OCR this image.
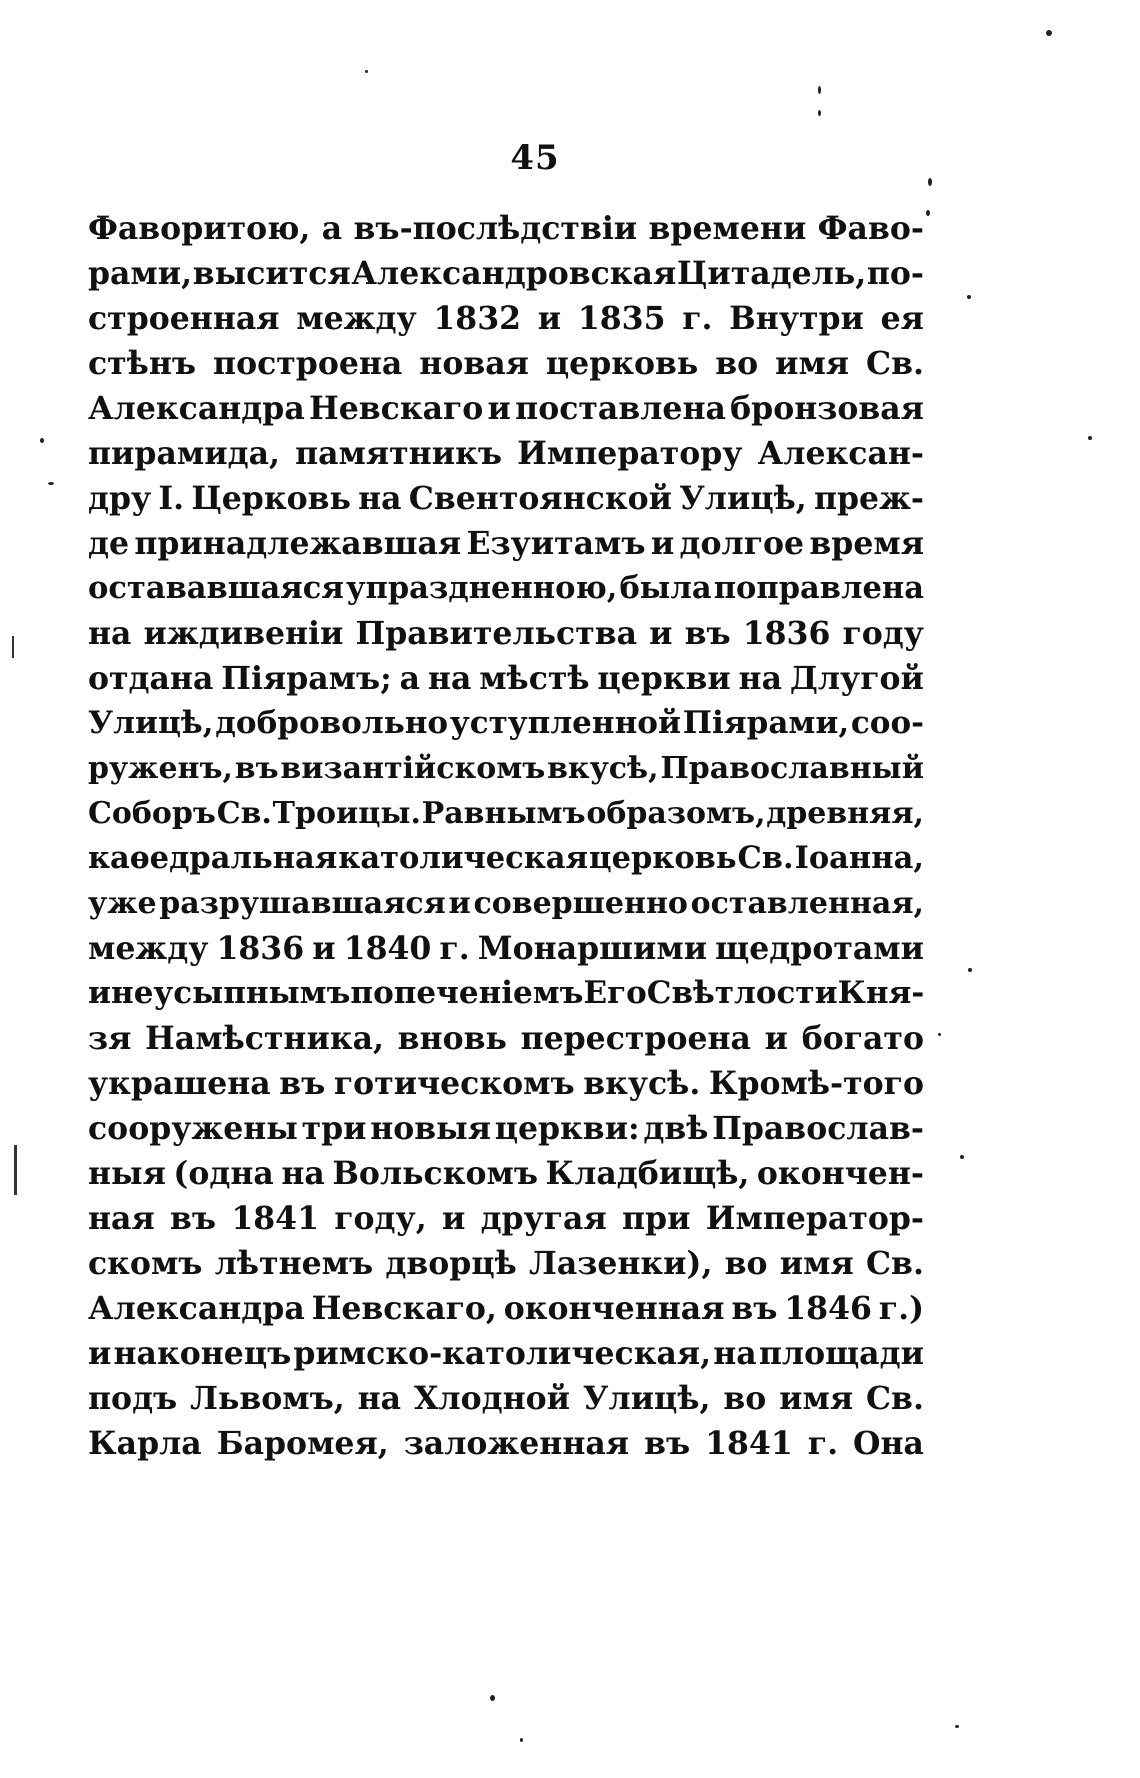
45
Фаворитою, а въ-послѣдствіи времени Фаво-
рами, высится Александровская Цитадель, по-
строенная между 1832 и 1835 г. Внутри ея
стѣнъ построена новая церковь во имя Св.
Александра Невскаго и поставлена бронзовая
пирамида, памятникъ Императору Алексан-
дру I. Церковь на Свентоянской Улицѣ, преж-
де принадлежавшая Езуитамъ и долгое время
остававшаяся упраздненною, была поправлена
на иждивеніи Правительства и въ 1836 году
отдана Піярамъ; а на мѣстѣ церкви на Длугой
Улицѣ, добровольно уступленной Піярами, соо-
руженъ, въ византійскомъ вкусѣ, Православный
Соборъ Св. Троицы. Равнымъ образомъ, древняя,
каѳедральная католическая церковь Св. Іоанна,
уже разрушавшаяся и совершенно оставленная,
между 1836 и 1840 г. Монаршими щедротами
и неусыпнымъ попеченіемъ Его Свѣтлости Кня-
зя Намѣстника, вновь перестроена и богато
украшена въ готическомъ вкусѣ. Кромѣ-того
сооружены три новыя церкви: двѣ Православ-
ныя (одна на Вольскомъ Кладбищѣ, окончен-
ная въ 1841 году, и другая при Император-
скомъ лѣтнемъ дворцѣ Лазенки), во имя Св.
Александра Невскаго, оконченная въ 1846 г.)
и наконецъ римско-католическая, на площади
подъ Львомъ, на Хлодной Улицѣ, во имя Св.
Карла Баромея, заложенная въ 1841 г. Она
